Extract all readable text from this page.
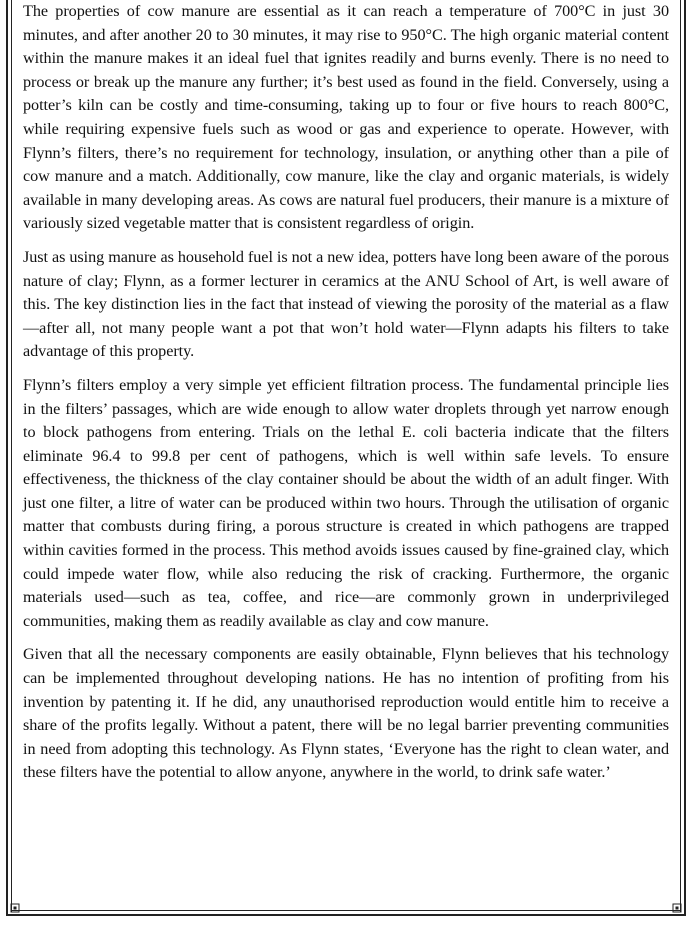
The properties of cow manure are essential as it can reach a temperature of 700°C in just 30 minutes, and after another 20 to 30 minutes, it may rise to 950°C. The high organic material content within the manure makes it an ideal fuel that ignites readily and burns evenly. There is no need to process or break up the manure any further; it’s best used as found in the field. Conversely, using a potter’s kiln can be costly and time-consuming, taking up to four or five hours to reach 800°C, while requiring expensive fuels such as wood or gas and experience to operate. However, with Flynn’s filters, there’s no requirement for technology, insulation, or anything other than a pile of cow manure and a match. Additionally, cow manure, like the clay and organic materials, is widely available in many developing areas. As cows are natural fuel producers, their manure is a mixture of variously sized vegetable matter that is consistent regardless of origin.

Just as using manure as household fuel is not a new idea, potters have long been aware of the porous nature of clay; Flynn, as a former lecturer in ceramics at the ANU School of Art, is well aware of this. The key distinction lies in the fact that instead of viewing the porosity of the material as a flaw—after all, not many people want a pot that won’t hold water—Flynn adapts his filters to take advantage of this property.

Flynn’s filters employ a very simple yet efficient filtration process. The fundamental principle lies in the filters’ passages, which are wide enough to allow water droplets through yet narrow enough to block pathogens from entering. Trials on the lethal E. coli bacteria indicate that the filters eliminate 96.4 to 99.8 per cent of pathogens, which is well within safe levels. To ensure effectiveness, the thickness of the clay container should be about the width of an adult finger. With just one filter, a litre of water can be produced within two hours. Through the utilisation of organic matter that combusts during firing, a porous structure is created in which pathogens are trapped within cavities formed in the process. This method avoids issues caused by fine-grained clay, which could impede water flow, while also reducing the risk of cracking. Furthermore, the organic materials used—such as tea, coffee, and rice—are commonly grown in underprivileged communities, making them as readily available as clay and cow manure.

Given that all the necessary components are easily obtainable, Flynn believes that his technology can be implemented throughout developing nations. He has no intention of profiting from his invention by patenting it. If he did, any unauthorised reproduction would entitle him to receive a share of the profits legally. Without a patent, there will be no legal barrier preventing communities in need from adopting this technology. As Flynn states, ‘Everyone has the right to clean water, and these filters have the potential to allow anyone, anywhere in the world, to drink safe water.’
